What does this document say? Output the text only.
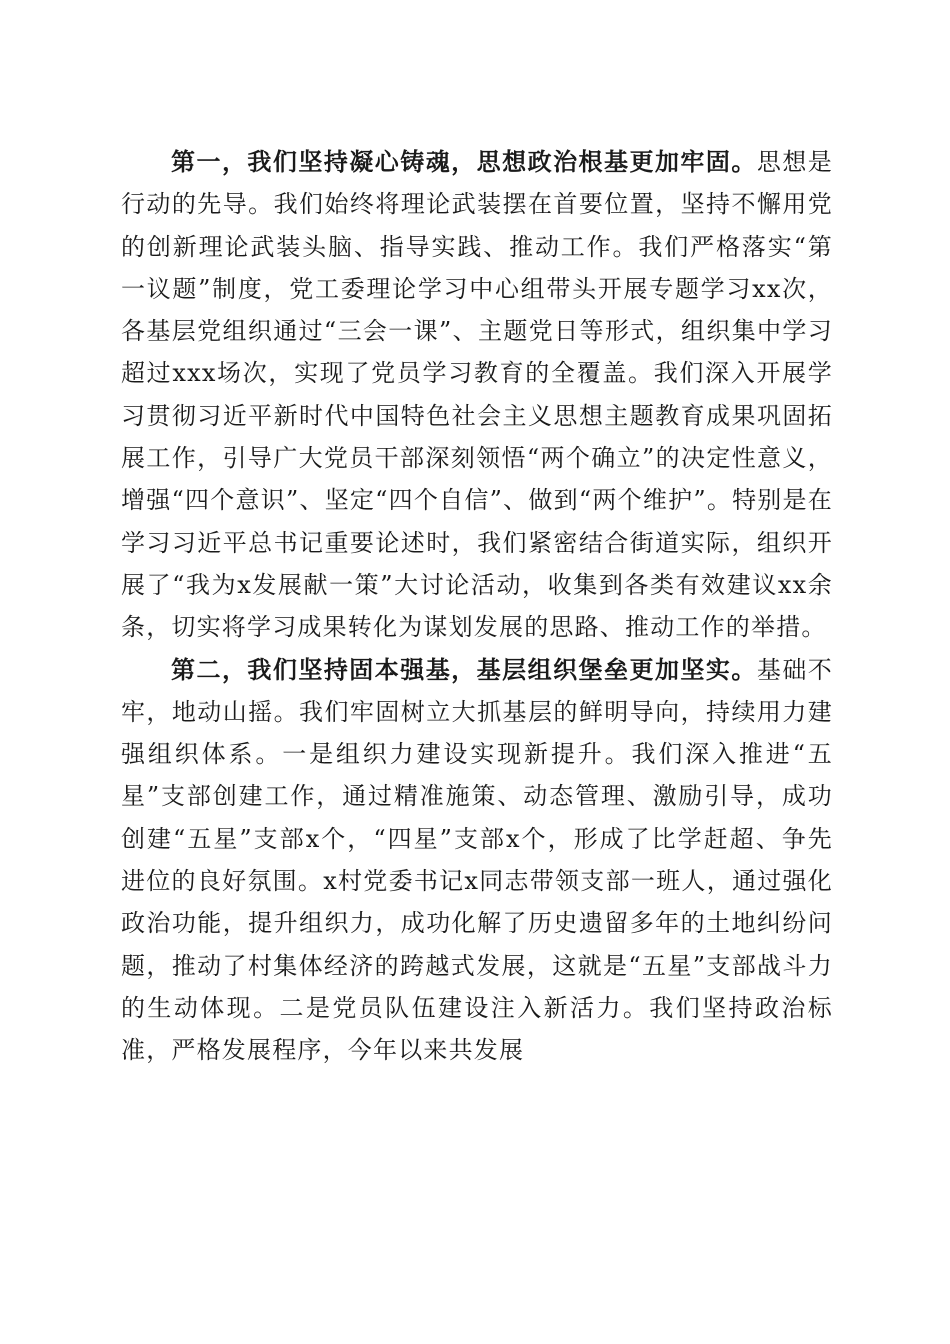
第一，我们坚持凝心铸魂，思想政治根基更加牢固。思想是行动的先导。我们始终将理论武装摆在首要位置，坚持不懈用党的创新理论武装头脑、指导实践、推动工作。我们严格落实“第一议题”制度，党工委理论学习中心组带头开展专题学习xx次，各基层党组织通过“三会一课”、主题党日等形式，组织集中学习超过xxx场次，实现了党员学习教育的全覆盖。我们深入开展学习贯彻习近平新时代中国特色社会主义思想主题教育成果巩固拓展工作，引导广大党员干部深刻领悟“两个确立”的决定性意义，增强“四个意识”、坚定“四个自信”、做到“两个维护”。特别是在学习习近平总书记重要论述时，我们紧密结合街道实际，组织开展了“我为x发展献一策”大讨论活动，收集到各类有效建议xx余条，切实将学习成果转化为谋划发展的思路、推动工作的举措。

第二，我们坚持固本强基，基层组织堡垒更加坚实。基础不牢，地动山摇。我们牢固树立大抓基层的鲜明导向，持续用力建强组织体系。一是组织力建设实现新提升。我们深入推进“五星”支部创建工作，通过精准施策、动态管理、激励引导，成功创建“五星”支部x个，“四星”支部x个，形成了比学赶超、争先进位的良好氛围。x村党委书记x同志带领支部一班人，通过强化政治功能，提升组织力，成功化解了历史遗留多年的土地纠纷问题，推动了村集体经济的跨越式发展，这就是“五星”支部战斗力的生动体现。二是党员队伍建设注入新活力。我们坚持政治标准，严格发展程序，今年以来共发展
